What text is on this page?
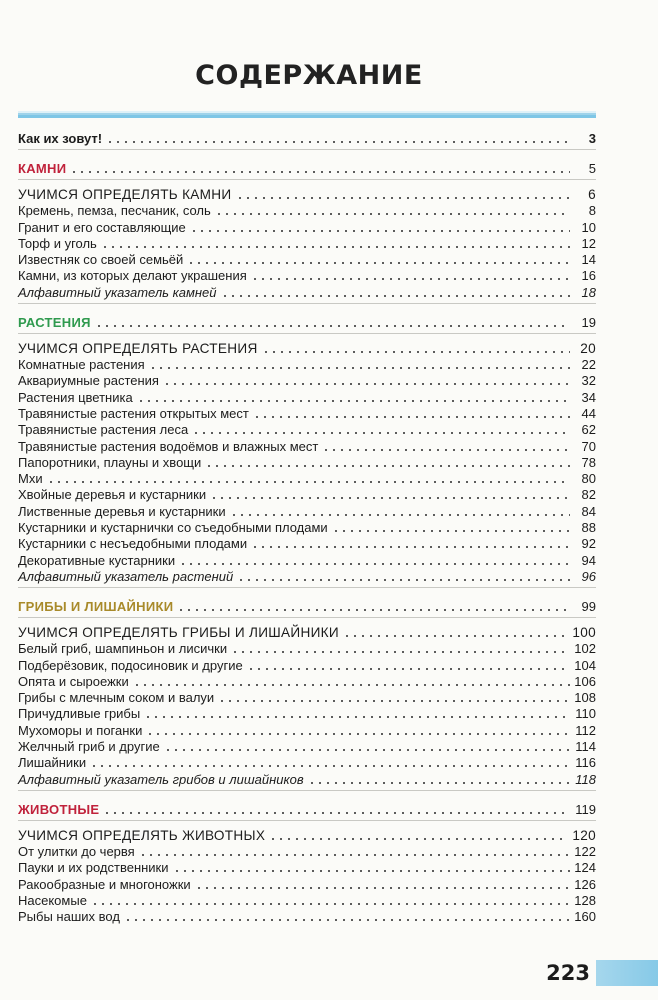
СОДЕРЖАНИЕ
Как их зовут!	3
КАМНИ	5
УЧИМСЯ ОПРЕДЕЛЯТЬ КАМНИ	6
Кремень, пемза, песчаник, соль	8
Гранит и его составляющие	10
Торф и уголь	12
Известняк со своей семьёй	14
Камни, из которых делают украшения	16
Алфавитный указатель камней	18
РАСТЕНИЯ	19
УЧИМСЯ ОПРЕДЕЛЯТЬ РАСТЕНИЯ	20
Комнатные растения	22
Аквариумные растения	32
Растения цветника	34
Травянистые растения открытых мест	44
Травянистые растения леса	62
Травянистые растения водоёмов и влажных мест	70
Папоротники, плауны и хвощи	78
Мхи	80
Хвойные деревья и кустарники	82
Лиственные деревья и кустарники	84
Кустарники и кустарнички со съедобными плодами	88
Кустарники с несъедобными плодами	92
Декоративные кустарники	94
Алфавитный указатель растений	96
ГРИБЫ И ЛИШАЙНИКИ	99
УЧИМСЯ ОПРЕДЕЛЯТЬ ГРИБЫ И ЛИШАЙНИКИ	100
Белый гриб, шампиньон и лисички	102
Подберёзовик, подосиновик и другие	104
Опята и сыроежки	106
Грибы с млечным соком и валуи	108
Причудливые грибы	110
Мухоморы и поганки	112
Желчный гриб и другие	114
Лишайники	116
Алфавитный указатель грибов и лишайников	118
ЖИВОТНЫЕ	119
УЧИМСЯ ОПРЕДЕЛЯТЬ ЖИВОТНЫХ	120
От улитки до червя	122
Пауки и их родственники	124
Ракообразные и многоножки	126
Насекомые	128
Рыбы наших вод	160
223
